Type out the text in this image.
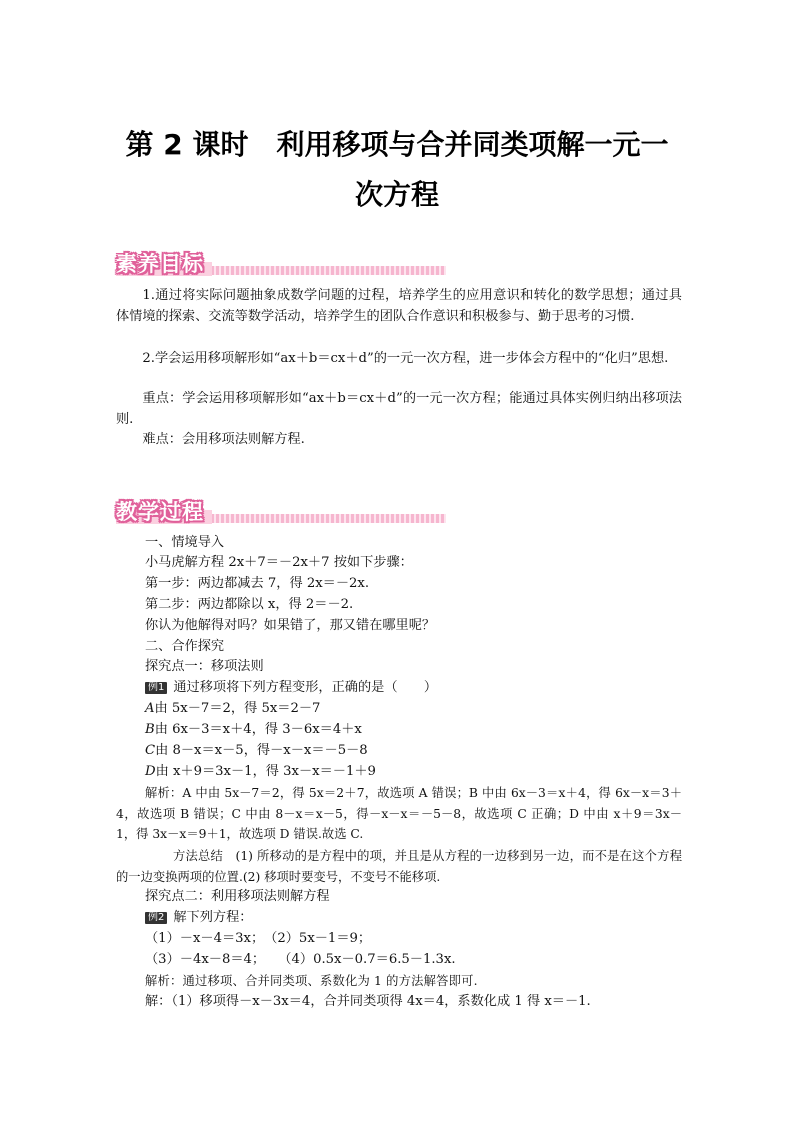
第 2 课时　利用移项与合并同类项解一元一
次方程
素养目标
1.通过将实际问题抽象成数学问题的过程，培养学生的应用意识和转化的数学思想；通过具体情境的探索、交流等数学活动，培养学生的团队合作意识和积极参与、勤于思考的习惯.
2.学会运用移项解形如“ax＋b＝cx＋d”的一元一次方程，进一步体会方程中的“化归”思想.
重点：学会运用移项解形如“ax＋b＝cx＋d”的一元一次方程；能通过具体实例归纳出移项法则.
难点：会用移项法则解方程.
教学过程
一、情境导入
小马虎解方程 2x＋7＝－2x＋7 按如下步骤：
第一步：两边都减去 7，得 2x＝－2x.
第二步：两边都除以 x，得 2＝－2.
你认为他解得对吗？如果错了，那又错在哪里呢？
二、合作探究
探究点一：移项法则
例1 通过移项将下列方程变形，正确的是（　　）
A由 5x－7＝2，得 5x＝2－7
B由 6x－3＝x＋4，得 3－6x＝4＋x
C由 8－x＝x－5，得－x－x＝－5－8
D由 x＋9＝3x－1，得 3x－x＝－1＋9
解析：A 中由 5x－7＝2，得 5x＝2＋7，故选项 A 错误；B 中由 6x－3＝x＋4，得 6x－x＝3＋4，故选项 B 错误；C 中由 8－x＝x－5，得－x－x＝－5－8，故选项 C 正确；D 中由 x＋9＝3x－1，得 3x－x＝9＋1，故选项 D 错误.故选 C.
方法总结　(1) 所移动的是方程中的项，并且是从方程的一边移到另一边，而不是在这个方程的一边变换两项的位置.(2) 移项时要变号，不变号不能移项.
探究点二：利用移项法则解方程
例2 解下列方程：
（1）－x－4＝3x；　（2）5x－1＝9；
（3）－4x－8＝4；　　（4）0.5x－0.7＝6.5－1.3x.
解析：通过移项、合并同类项、系数化为 1 的方法解答即可.
解：（1）移项得－x－3x＝4，合并同类项得 4x＝4，系数化成 1 得 x＝－1.
